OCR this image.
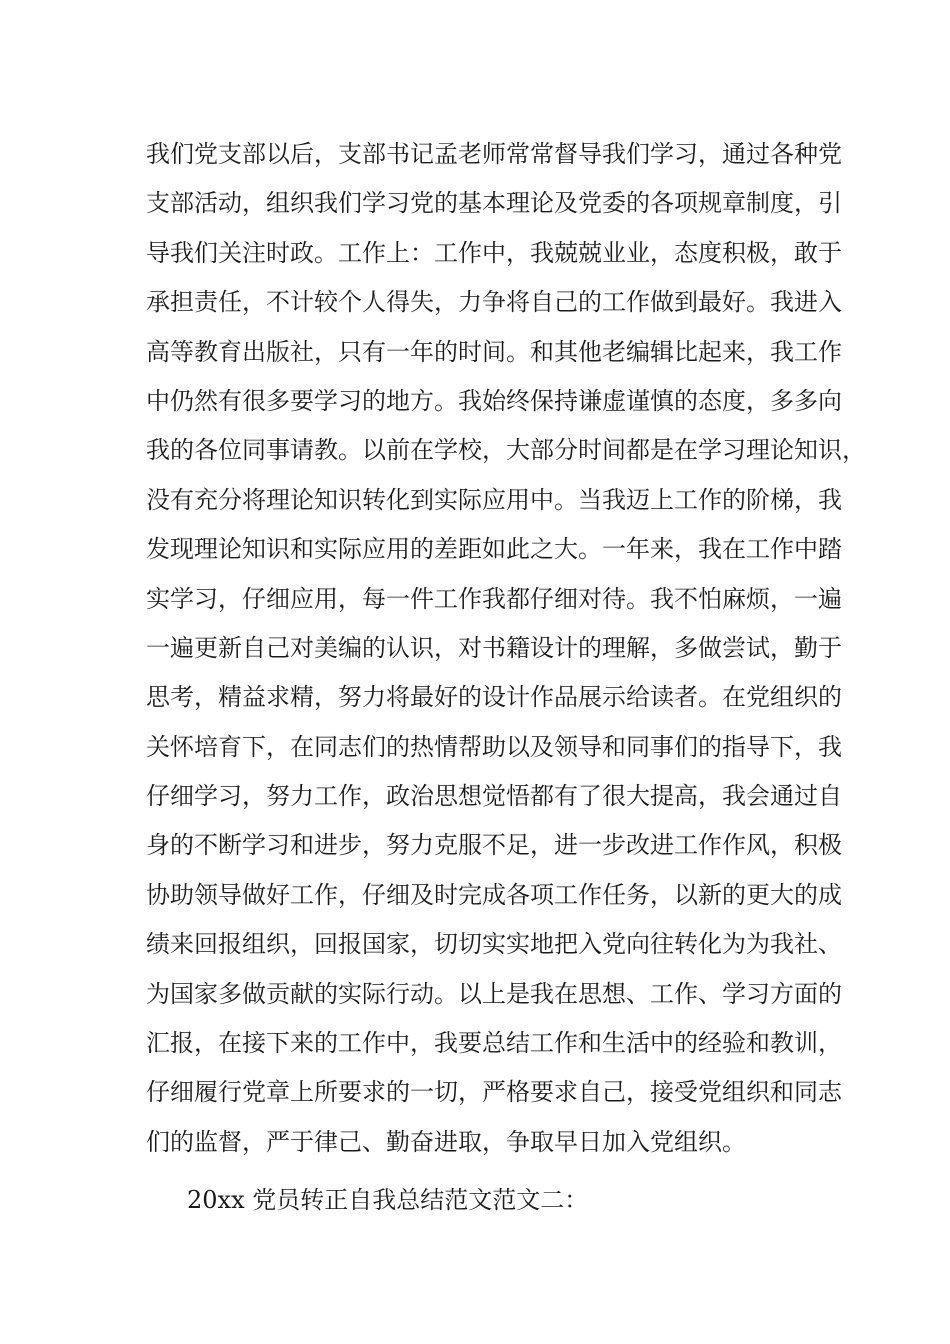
我们党支部以后，支部书记孟老师常常督导我们学习，通过各种党
支部活动，组织我们学习党的基本理论及党委的各项规章制度，引
导我们关注时政。工作上：工作中，我兢兢业业，态度积极，敢于
承担责任，不计较个人得失，力争将自己的工作做到最好。我进入
高等教育出版社，只有一年的时间。和其他老编辑比起来，我工作
中仍然有很多要学习的地方。我始终保持谦虚谨慎的态度，多多向
我的各位同事请教。以前在学校，大部分时间都是在学习理论知识，
没有充分将理论知识转化到实际应用中。当我迈上工作的阶梯，我
发现理论知识和实际应用的差距如此之大。一年来，我在工作中踏
实学习，仔细应用，每一件工作我都仔细对待。我不怕麻烦，一遍
一遍更新自己对美编的认识，对书籍设计的理解，多做尝试，勤于
思考，精益求精，努力将最好的设计作品展示给读者。在党组织的
关怀培育下，在同志们的热情帮助以及领导和同事们的指导下，我
仔细学习，努力工作，政治思想觉悟都有了很大提高，我会通过自
身的不断学习和进步，努力克服不足，进一步改进工作作风，积极
协助领导做好工作，仔细及时完成各项工作任务，以新的更大的成
绩来回报组织，回报国家，切切实实地把入党向往转化为为我社、
为国家多做贡献的实际行动。以上是我在思想、工作、学习方面的
汇报，在接下来的工作中，我要总结工作和生活中的经验和教训，
仔细履行党章上所要求的一切，严格要求自己，接受党组织和同志
们的监督，严于律己、勤奋进取，争取早日加入党组织。
20xx 党员转正自我总结范文范文二：
